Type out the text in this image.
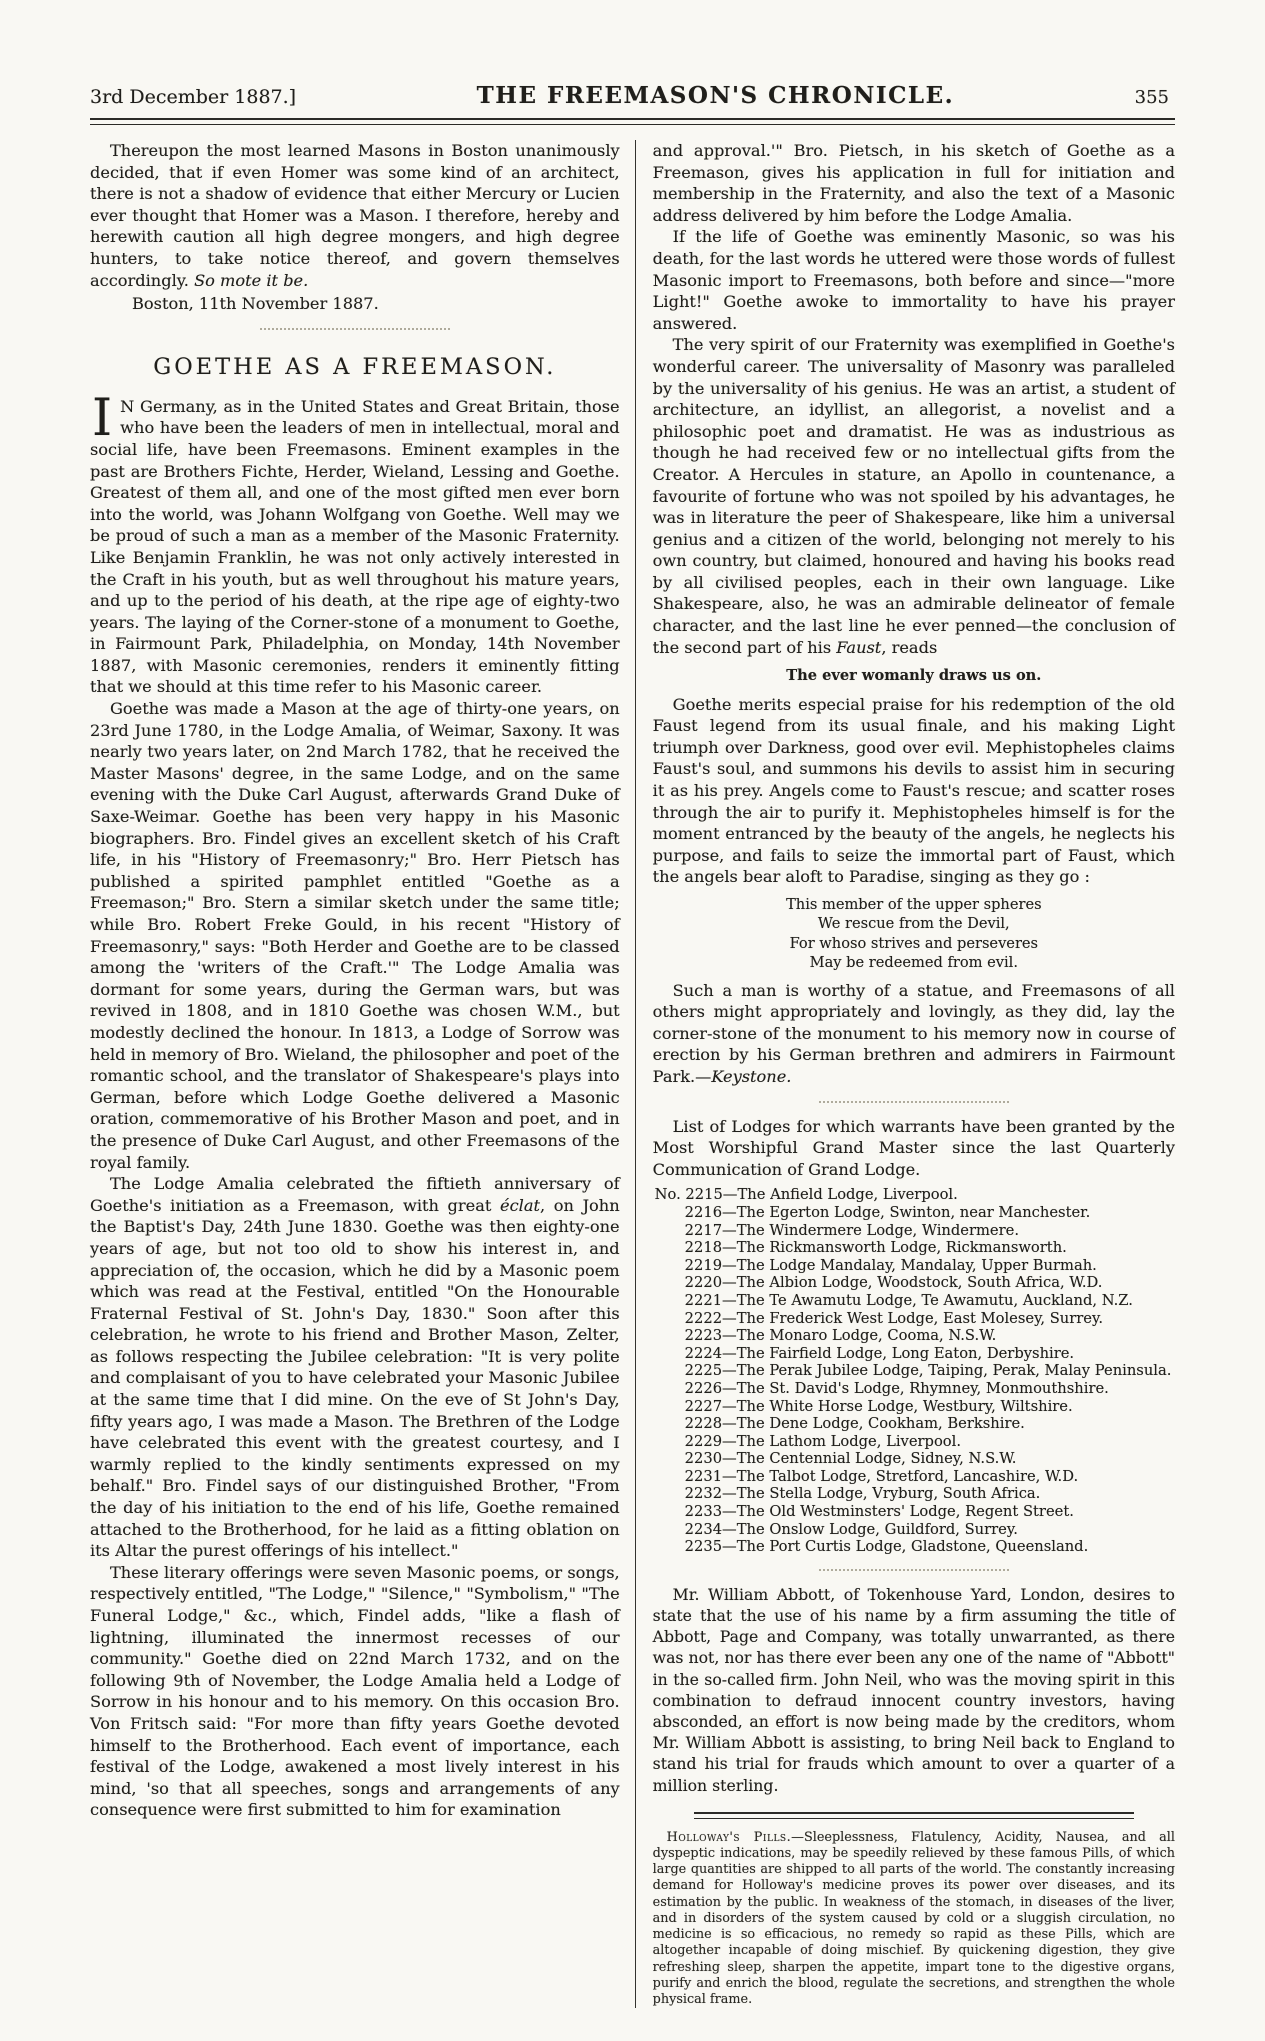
3rd December 1887.]	THE FREEMASON'S CHRONICLE.	355

Thereupon the most learned Masons in Boston unanimously decided, that if even Homer was some kind of an architect, there is not a shadow of evidence that either Mercury or Lucien ever thought that Homer was a Mason. I therefore, hereby and herewith caution all high degree mongers, and high degree hunters, to take notice thereof, and govern themselves accordingly. So mote it be.

Boston, 11th November 1887.

GOETHE AS A FREEMASON.

I N Germany, as in the United States and Great Britain, those who have been the leaders of men in intellectual, moral and social life, have been Freemasons. Eminent examples in the past are Brothers Fichte, Herder, Wieland, Lessing and Goethe. Greatest of them all, and one of the most gifted men ever born into the world, was Johann Wolfgang von Goethe. Well may we be proud of such a man as a member of the Masonic Fraternity. Like Benjamin Franklin, he was not only actively interested in the Craft in his youth, but as well throughout his mature years, and up to the period of his death, at the ripe age of eighty-two years. The laying of the Corner-stone of a monument to Goethe, in Fairmount Park, Philadelphia, on Monday, 14th November 1887, with Masonic ceremonies, renders it eminently fitting that we should at this time refer to his Masonic career.

Goethe was made a Mason at the age of thirty-one years, on 23rd June 1780, in the Lodge Amalia, of Weimar, Saxony. It was nearly two years later, on 2nd March 1782, that he received the Master Masons' degree, in the same Lodge, and on the same evening with the Duke Carl August, afterwards Grand Duke of Saxe-Weimar. Goethe has been very happy in his Masonic biographers. Bro. Findel gives an excellent sketch of his Craft life, in his "History of Freemasonry;" Bro. Herr Pietsch has published a spirited pamphlet entitled "Goethe as a Freemason;" Bro. Stern a similar sketch under the same title; while Bro. Robert Freke Gould, in his recent "History of Freemasonry," says: "Both Herder and Goethe are to be classed among the 'writers of the Craft.'" The Lodge Amalia was dormant for some years, during the German wars, but was revived in 1808, and in 1810 Goethe was chosen W.M., but modestly declined the honour. In 1813, a Lodge of Sorrow was held in memory of Bro. Wieland, the philosopher and poet of the romantic school, and the translator of Shakespeare's plays into German, before which Lodge Goethe delivered a Masonic oration, commemorative of his Brother Mason and poet, and in the presence of Duke Carl August, and other Freemasons of the royal family.

The Lodge Amalia celebrated the fiftieth anniversary of Goethe's initiation as a Freemason, with great éclat, on John the Baptist's Day, 24th June 1830. Goethe was then eighty-one years of age, but not too old to show his interest in, and appreciation of, the occasion, which he did by a Masonic poem which was read at the Festival, entitled "On the Honourable Fraternal Festival of St. John's Day, 1830." Soon after this celebration, he wrote to his friend and Brother Mason, Zelter, as follows respecting the Jubilee celebration: "It is very polite and complaisant of you to have celebrated your Masonic Jubilee at the same time that I did mine. On the eve of St John's Day, fifty years ago, I was made a Mason. The Brethren of the Lodge have celebrated this event with the greatest courtesy, and I warmly replied to the kindly sentiments expressed on my behalf." Bro. Findel says of our distinguished Brother, "From the day of his initiation to the end of his life, Goethe remained attached to the Brotherhood, for he laid as a fitting oblation on its Altar the purest offerings of his intellect."

These literary offerings were seven Masonic poems, or songs, respectively entitled, "The Lodge," "Silence," "Symbolism," "The Funeral Lodge," &c., which, Findel adds, "like a flash of lightning, illuminated the innermost recesses of our community." Goethe died on 22nd March 1732, and on the following 9th of November, the Lodge Amalia held a Lodge of Sorrow in his honour and to his memory. On this occasion Bro. Von Fritsch said: "For more than fifty years Goethe devoted himself to the Brotherhood. Each event of importance, each festival of the Lodge, awakened a most lively interest in his mind, 'so that all speeches, songs and arrangements of any consequence were first submitted to him for examination

and approval.'" Bro. Pietsch, in his sketch of Goethe as a Freemason, gives his application in full for initiation and membership in the Fraternity, and also the text of a Masonic address delivered by him before the Lodge Amalia.

If the life of Goethe was eminently Masonic, so was his death, for the last words he uttered were those words of fullest Masonic import to Freemasons, both before and since—"more Light!" Goethe awoke to immortality to have his prayer answered.

The very spirit of our Fraternity was exemplified in Goethe's wonderful career. The universality of Masonry was paralleled by the universality of his genius. He was an artist, a student of architecture, an idyllist, an allegorist, a novelist and a philosophic poet and dramatist. He was as industrious as though he had received few or no intellectual gifts from the Creator. A Hercules in stature, an Apollo in countenance, a favourite of fortune who was not spoiled by his advantages, he was in literature the peer of Shakespeare, like him a universal genius and a citizen of the world, belonging not merely to his own country, but claimed, honoured and having his books read by all civilised peoples, each in their own language. Like Shakespeare, also, he was an admirable delineator of female character, and the last line he ever penned—the conclusion of the second part of his Faust, reads

The ever womanly draws us on.

Goethe merits especial praise for his redemption of the old Faust legend from its usual finale, and his making Light triumph over Darkness, good over evil. Mephistopheles claims Faust's soul, and summons his devils to assist him in securing it as his prey. Angels come to Faust's rescue; and scatter roses through the air to purify it. Mephistopheles himself is for the moment entranced by the beauty of the angels, he neglects his purpose, and fails to seize the immortal part of Faust, which the angels bear aloft to Paradise, singing as they go :

This member of the upper spheres
We rescue from the Devil,
For whoso strives and perseveres
May be redeemed from evil.

Such a man is worthy of a statue, and Freemasons of all others might appropriately and lovingly, as they did, lay the corner-stone of the monument to his memory now in course of erection by his German brethren and admirers in Fairmount Park.—Keystone.

List of Lodges for which warrants have been granted by the Most Worshipful Grand Master since the last Quarterly Communication of Grand Lodge.

No. 2215—The Anfield Lodge, Liverpool.
2216—The Egerton Lodge, Swinton, near Manchester.
2217—The Windermere Lodge, Windermere.
2218—The Rickmansworth Lodge, Rickmansworth.
2219—The Lodge Mandalay, Mandalay, Upper Burmah.
2220—The Albion Lodge, Woodstock, South Africa, W.D.
2221—The Te Awamutu Lodge, Te Awamutu, Auckland, N.Z.
2222—The Frederick West Lodge, East Molesey, Surrey.
2223—The Monaro Lodge, Cooma, N.S.W.
2224—The Fairfield Lodge, Long Eaton, Derbyshire.
2225—The Perak Jubilee Lodge, Taiping, Perak, Malay Peninsula.
2226—The St. David's Lodge, Rhymney, Monmouthshire.
2227—The White Horse Lodge, Westbury, Wiltshire.
2228—The Dene Lodge, Cookham, Berkshire.
2229—The Lathom Lodge, Liverpool.
2230—The Centennial Lodge, Sidney, N.S.W.
2231—The Talbot Lodge, Stretford, Lancashire, W.D.
2232—The Stella Lodge, Vryburg, South Africa.
2233—The Old Westminsters' Lodge, Regent Street.
2234—The Onslow Lodge, Guildford, Surrey.
2235—The Port Curtis Lodge, Gladstone, Queensland.

Mr. William Abbott, of Tokenhouse Yard, London, desires to state that the use of his name by a firm assuming the title of Abbott, Page and Company, was totally unwarranted, as there was not, nor has there ever been any one of the name of "Abbott" in the so-called firm. John Neil, who was the moving spirit in this combination to defraud innocent country investors, having absconded, an effort is now being made by the creditors, whom Mr. William Abbott is assisting, to bring Neil back to England to stand his trial for frauds which amount to over a quarter of a million sterling.

Holloway's Pills.—Sleeplessness, Flatulency, Acidity, Nausea, and all dyspeptic indications, may be speedily relieved by these famous Pills, of which large quantities are shipped to all parts of the world. The constantly increasing demand for Holloway's medicine proves its power over diseases, and its estimation by the public. In weakness of the stomach, in diseases of the liver, and in disorders of the system caused by cold or a sluggish circulation, no medicine is so efficacious, no remedy so rapid as these Pills, which are altogether incapable of doing mischief. By quickening digestion, they give refreshing sleep, sharpen the appetite, impart tone to the digestive organs, purify and enrich the blood, regulate the secretions, and strengthen the whole physical frame.
